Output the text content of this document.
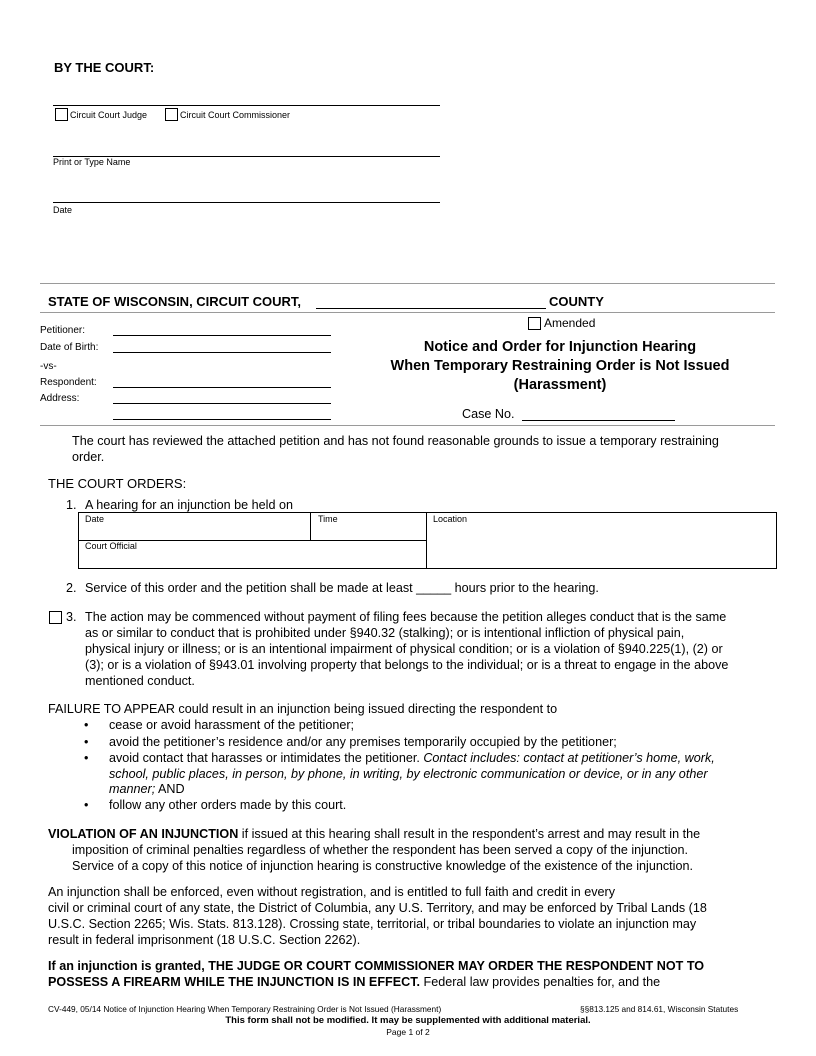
BY THE COURT:
Circuit Court Judge	Circuit Court Commissioner
Print or Type Name
Date
STATE OF WISCONSIN, CIRCUIT COURT,	COUNTY
Amended
Petitioner:
Date of Birth:
-vs-
Respondent:
Address:
Notice and Order for Injunction Hearing
When Temporary Restraining Order is Not Issued
(Harassment)
Case No.
The court has reviewed the attached petition and has not found reasonable grounds to issue a temporary restraining
order.
THE COURT ORDERS:
1. A hearing for an injunction be held on
Date	Time	Location
Court Official
2. Service of this order and the petition shall be made at least _____ hours prior to the hearing.
3. The action may be commenced without payment of filing fees because the petition alleges conduct that is the same
as or similar to conduct that is prohibited under §940.32 (stalking); or is intentional infliction of physical pain,
physical injury or illness; or is an intentional impairment of physical condition; or is a violation of §940.225(1), (2) or
(3); or is a violation of §943.01 involving property that belongs to the individual; or is a threat to engage in the above
mentioned conduct.
FAILURE TO APPEAR could result in an injunction being issued directing the respondent to
• cease or avoid harassment of the petitioner;
• avoid the petitioner’s residence and/or any premises temporarily occupied by the petitioner;
• avoid contact that harasses or intimidates the petitioner. Contact includes: contact at petitioner’s home, work,
school, public places, in person, by phone, in writing, by electronic communication or device, or in any other
manner; AND
• follow any other orders made by this court.
VIOLATION OF AN INJUNCTION if issued at this hearing shall result in the respondent’s arrest and may result in the
imposition of criminal penalties regardless of whether the respondent has been served a copy of the injunction.
Service of a copy of this notice of injunction hearing is constructive knowledge of the existence of the injunction.
An injunction shall be enforced, even without registration, and is entitled to full faith and credit in every
civil or criminal court of any state, the District of Columbia, any U.S. Territory, and may be enforced by Tribal Lands (18
U.S.C. Section 2265; Wis. Stats. 813.128). Crossing state, territorial, or tribal boundaries to violate an injunction may
result in federal imprisonment (18 U.S.C. Section 2262).
If an injunction is granted, THE JUDGE OR COURT COMMISSIONER MAY ORDER THE RESPONDENT NOT TO
POSSESS A FIREARM WHILE THE INJUNCTION IS IN EFFECT. Federal law provides penalties for, and the
CV-449, 05/14 Notice of Injunction Hearing When Temporary Restraining Order is Not Issued (Harassment)	§§813.125 and 814.61, Wisconsin Statutes
This form shall not be modified. It may be supplemented with additional material.
Page 1 of 2
